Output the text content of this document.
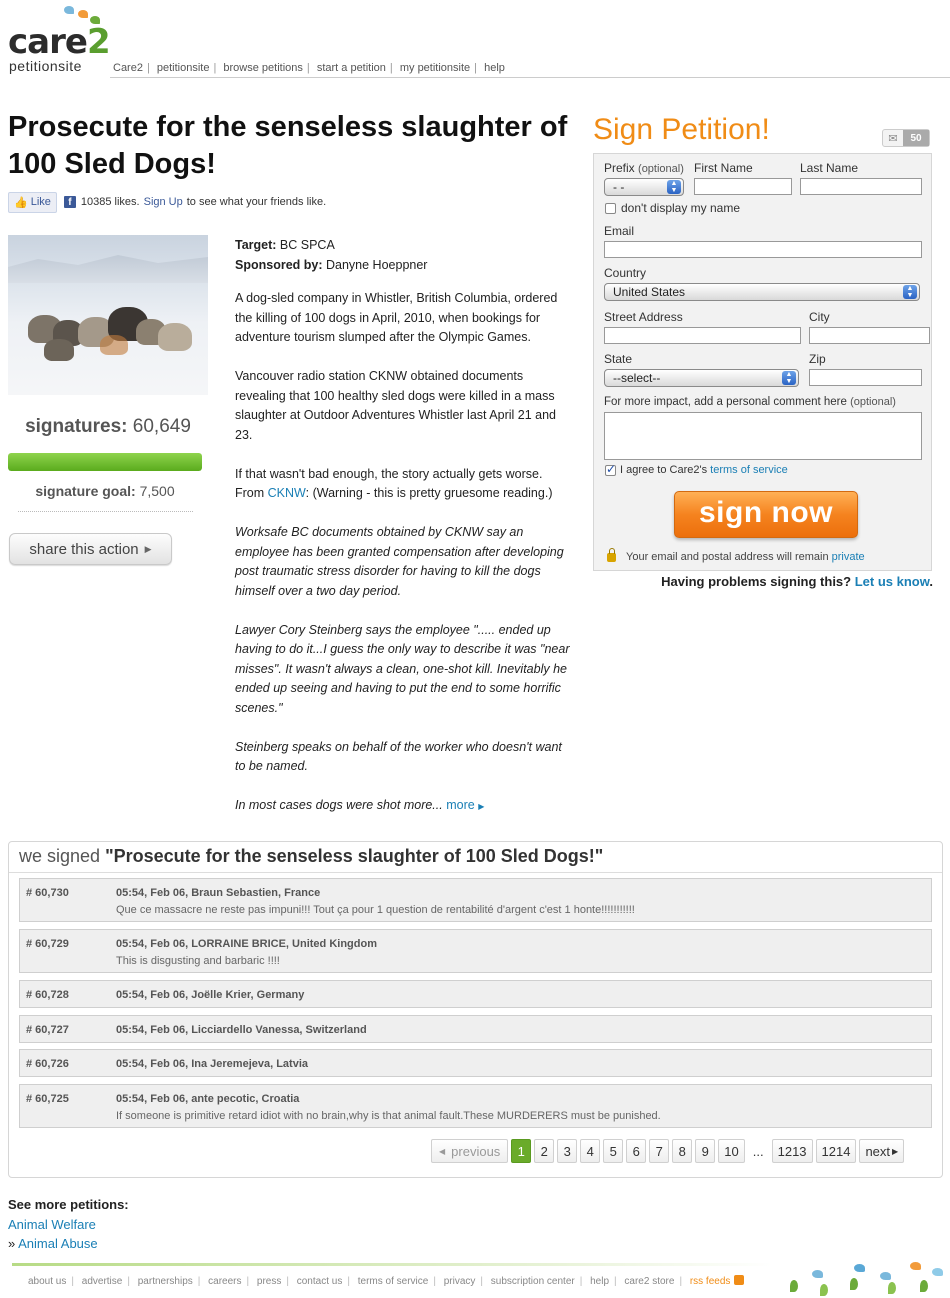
care2
petitionsite	Care2 | petitionsite | browse petitions | start a petition | my petitionsite | help
Prosecute for the senseless slaughter of 100 Sled Dogs!
👍 Like	f 10385 likes. Sign Up to see what your friends like.
signatures: 60,649
signature goal: 7,500
share this action ▶

Target: BC SPCA

Sponsored by: Danyne Hoeppner

A dog-sled company in Whistler, British Columbia, ordered the killing of 100 dogs in April, 2010, when bookings for adventure tourism slumped after the Olympic Games.

Vancouver radio station CKNW obtained documents revealing that 100 healthy sled dogs were killed in a mass slaughter at Outdoor Adventures Whistler last April 21 and 23.

If that wasn't bad enough, the story actually gets worse. From CKNW: (Warning - this is pretty gruesome reading.)

Worksafe BC documents obtained by CKNW say an employee has been granted compensation after developing post traumatic stress disorder for having to kill the dogs himself over a two day period.

Lawyer Cory Steinberg says the employee "..... ended up having to do it...I guess the only way to describe it was "near misses". It wasn't always a clean, one-shot kill. Inevitably he ended up seeing and having to put the end to some horrific scenes."

Steinberg speaks on behalf of the worker who doesn't want to be named.

In most cases dogs were shot more... more ▶

Sign Petition!	✉	50
Prefix (optional) First Name	Last Name
- -	▲
▼
don't display my name
Email
Country
United States	▲
▼
Street Address	City
State	Zip
--select--	▲
▼
For more impact, add a personal comment here (optional)
✓
I agree to Care2's terms of service
sign now
Your email and postal address will remain
private
Having problems signing this? Let us know.
we signed "Prosecute for the senseless slaughter of 100 Sled Dogs!"
# 60,730	05:54, Feb 06, Braun Sebastien, France
Que ce massacre ne reste pas impuni!!! Tout ça pour 1 question de rentabilité d'argent c'est 1 honte!!!!!!!!!!!
# 60,729	05:54, Feb 06, LORRAINE BRICE, United Kingdom
This is disgusting and barbaric !!!!
# 60,728	05:54, Feb 06, Joëlle Krier, Germany
# 60,727	05:54, Feb 06, Licciardello Vanessa, Switzerland
# 60,726	05:54, Feb 06, Ina Jeremejeva, Latvia
# 60,725	05:54, Feb 06, ante pecotic, Croatia
If someone is primitive retard idiot with no brain,why is that animal fault.These MURDERERS must be punished.
◀ previous	1	2	3	4	5	6	7	8	9	10	...	1213	1214	next ▶
See more petitions:
Animal Welfare
» Animal Abuse
about us | advertise | partnerships | careers | press | contact us | terms of service | privacy | subscription center | help | care2 store | rss feeds
